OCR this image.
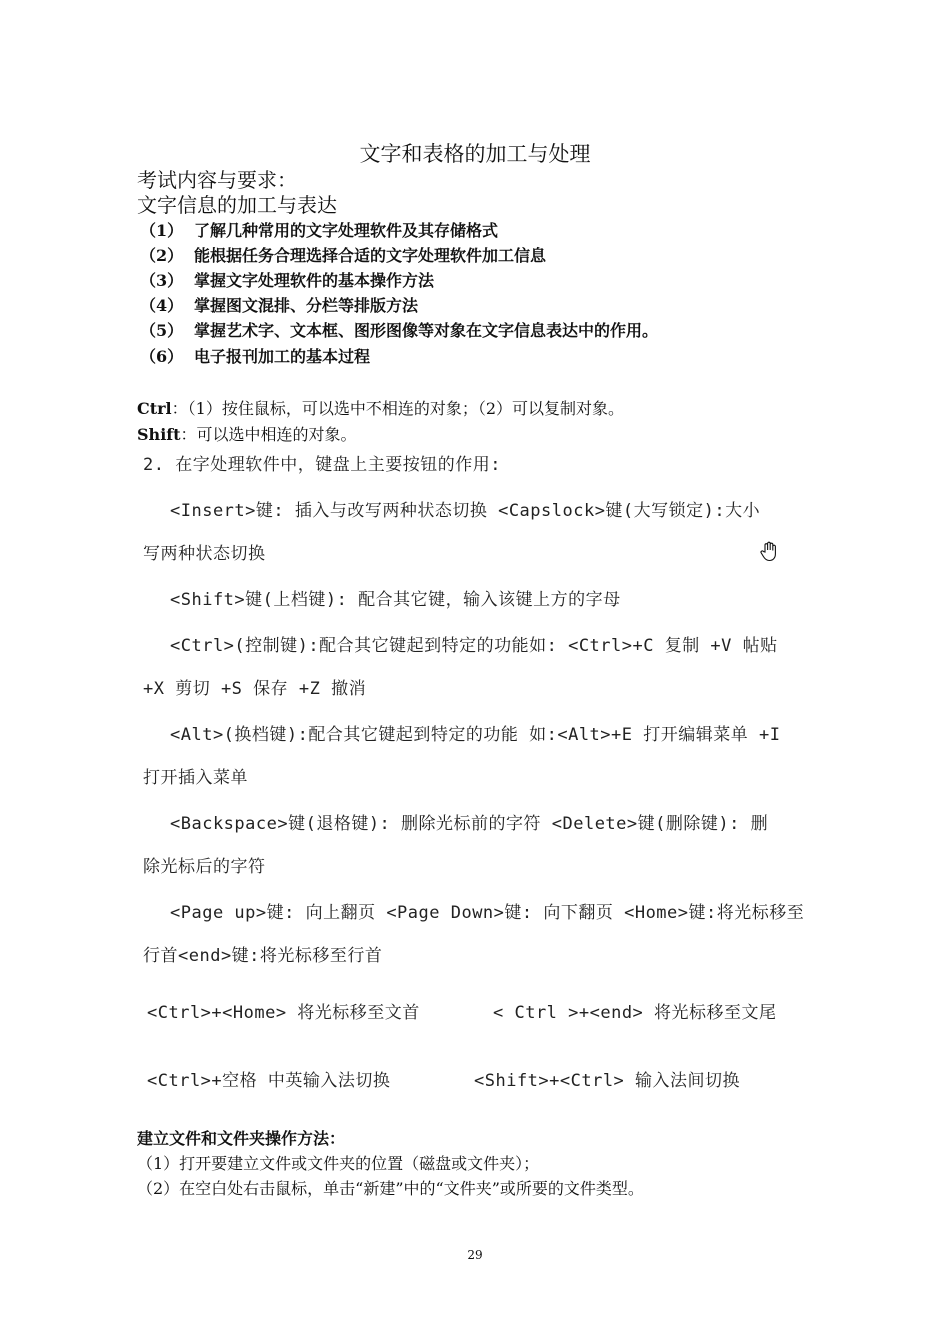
文字和表格的加工与处理
考试内容与要求：
文字信息的加工与表达
（1） 了解几种常用的文字处理软件及其存储格式
（2） 能根据任务合理选择合适的文字处理软件加工信息
（3） 掌握文字处理软件的基本操作方法
（4） 掌握图文混排、分栏等排版方法
（5） 掌握艺术字、文本框、图形图像等对象在文字信息表达中的作用。
（6） 电子报刊加工的基本过程
Ctrl：（1）按住鼠标，可以选中不相连的对象；（2）可以复制对象。
Shift：可以选中相连的对象。
2. 在字处理软件中，键盘上主要按钮的作用:
<Insert>键: 插入与改写两种状态切换 <Capslock>键(大写锁定):大小
写两种状态切换
<Shift>键(上档键): 配合其它键，输入该键上方的字母
<Ctrl>(控制键):配合其它键起到特定的功能如: <Ctrl>+C 复制 +V 帖贴
+X 剪切 +S 保存 +Z 撤消
<Alt>(换档键):配合其它键起到特定的功能 如:<Alt>+E 打开编辑菜单 +I
打开插入菜单
<Backspace>键(退格键): 删除光标前的字符 <Delete>键(删除键): 删
除光标后的字符
<Page up>键: 向上翻页 <Page Down>键: 向下翻页 <Home>键:将光标移至
行首<end>键:将光标移至行首
<Ctrl>+<Home> 将光标移至文首	< Ctrl >+<end> 将光标移至文尾
<Ctrl>+空格 中英输入法切换	<Shift>+<Ctrl> 输入法间切换
建立文件和文件夹操作方法：
（1）打开要建立文件或文件夹的位置（磁盘或文件夹）；
（2）在空白处右击鼠标，单击“新建”中的“文件夹”或所要的文件类型。
29
